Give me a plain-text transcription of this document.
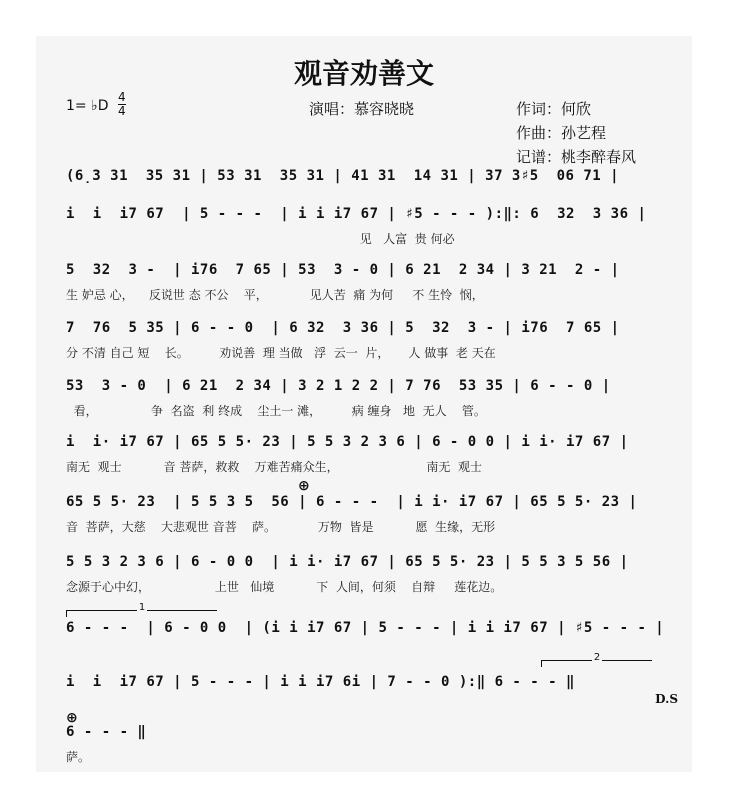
观音劝善文
1= ♭D
4
4	演唱：慕容晓晓	作词：何欣
作曲：孙艺程
记谱：桃李醉春风
(6̣3 31  35 31 | 53 31  35 31 | 41 31  14 31 | 37 3♯5  06 71 |
i  i  i7 67  | 5 - - -  | i i i7 67 | ♯5 - - - ):‖: 6  32  3 36 |
见   人富  贵 何必
5  32  3 -  | i76  7 65 | 53  3 - 0 | 6 21  2 34 | 3 21  2 - |
生 妒忌 心，    反说世 态 不公    平，           见人苦  痛 为何     不 生怜  悯，
7  76  5 35 | 6 - - 0  | 6 32  3 36 | 5  32  3 - | i76  7 65 |
分 不清 自己 短    长。        劝说善  理 当做   浮  云一  片，     人 做事  老 天在
53  3 - 0  | 6 21  2 34 | 3 2 1 2 2 | 7 76  53 35 | 6 - - 0 |
看，              争  名盗  利 终成    尘土一 滩，        病 缠身   地  无人    管。
i  i· i7 67 | 65 5 5· 23 | 5 5 3 2 3 6 | 6 - 0 0 | i i· i7 67 |
南无  观士           音 菩萨，救救    万难苦痛众生，                       南无  观士
⊕
65 5 5· 23  | 5 5 3 5  56 | 6 - - -  | i i· i7 67 | 65 5 5· 23 |
音  菩萨，大慈    大悲观世 音菩    萨。           万物  皆是           愿  生缘，无形
5 5 3 2 3 6 | 6 - 0 0  | i i· i7 67 | 65 5 5· 23 | 5 5 3 5 56 |
念源于心中幻，                 上世   仙境           下  人间，何须    自辩     莲花边。
1
6 - - -  | 6 - 0 0  | (i i i7 67 | 5 - - - | i i i7 67 | ♯5 - - - |
2
i  i  i7 67 | 5 - - - | i i i7 6i | 7 - - 0 ):‖ 6 - - - ‖
D.S
⊕
6 - - - ‖
萨。
